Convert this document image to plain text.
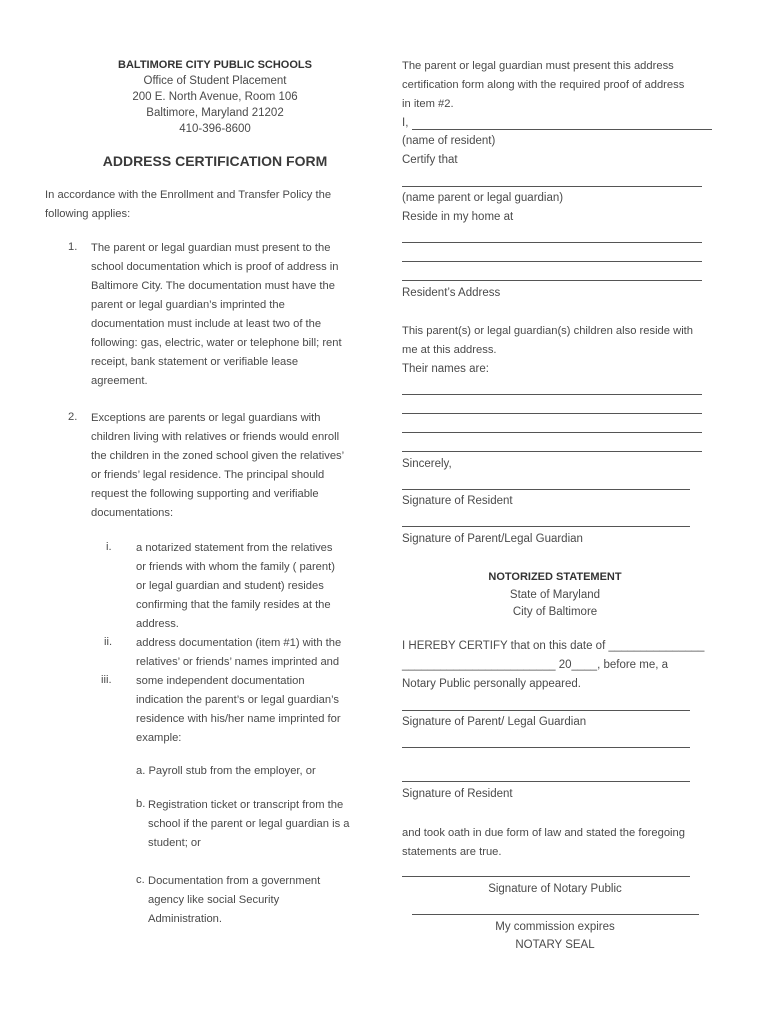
BALTIMORE CITY PUBLIC SCHOOLS
Office of Student Placement
200 E. North Avenue, Room 106
Baltimore, Maryland 21202
410-396-8600
ADDRESS CERTIFICATION FORM
In accordance with the Enrollment and Transfer Policy the
following applies:
1. The parent or legal guardian must present to the
school documentation which is proof of address in
Baltimore City. The documentation must have the
parent or legal guardian’s imprinted the
documentation must include at least two of the
following: gas, electric, water or telephone bill; rent
receipt, bank statement or verifiable lease
agreement.
2. Exceptions are parents or legal guardians with
children living with relatives or friends would enroll
the children in the zoned school given the relatives’
or friends’ legal residence. The principal should
request the following supporting and verifiable
documentations:
i. a notarized statement from the relatives
or friends with whom the family ( parent)
or legal guardian and student) resides
confirming that the family resides at the
address.
ii. address documentation (item #1) with the
relatives’ or friends’ names imprinted and
iii. some independent documentation
indication the parent’s or legal guardian’s
residence with his/her name imprinted for
example:
a. Payroll stub from the employer, or
b. Registration ticket or transcript from the
school if the parent or legal guardian is a
student; or
c. Documentation from a government
agency like social Security
Administration.
The parent or legal guardian must present this address
certification form along with the required proof of address
in item #2.
I,
(name of resident)
Certify that
(name parent or legal guardian)
Reside in my home at
Resident’s Address
This parent(s) or legal guardian(s) children also reside with
me at this address.
Their names are:
Sincerely,
Signature of Resident
Signature of Parent/Legal Guardian
NOTORIZED STATEMENT
State of Maryland
City of Baltimore
I HEREBY CERTIFY that on this date of _______________
________________________ 20____, before me, a
Notary Public personally appeared.
Signature of Parent/ Legal Guardian
Signature of Resident
and took oath in due form of law and stated the foregoing
statements are true.
Signature of Notary Public
My commission expires
NOTARY SEAL
